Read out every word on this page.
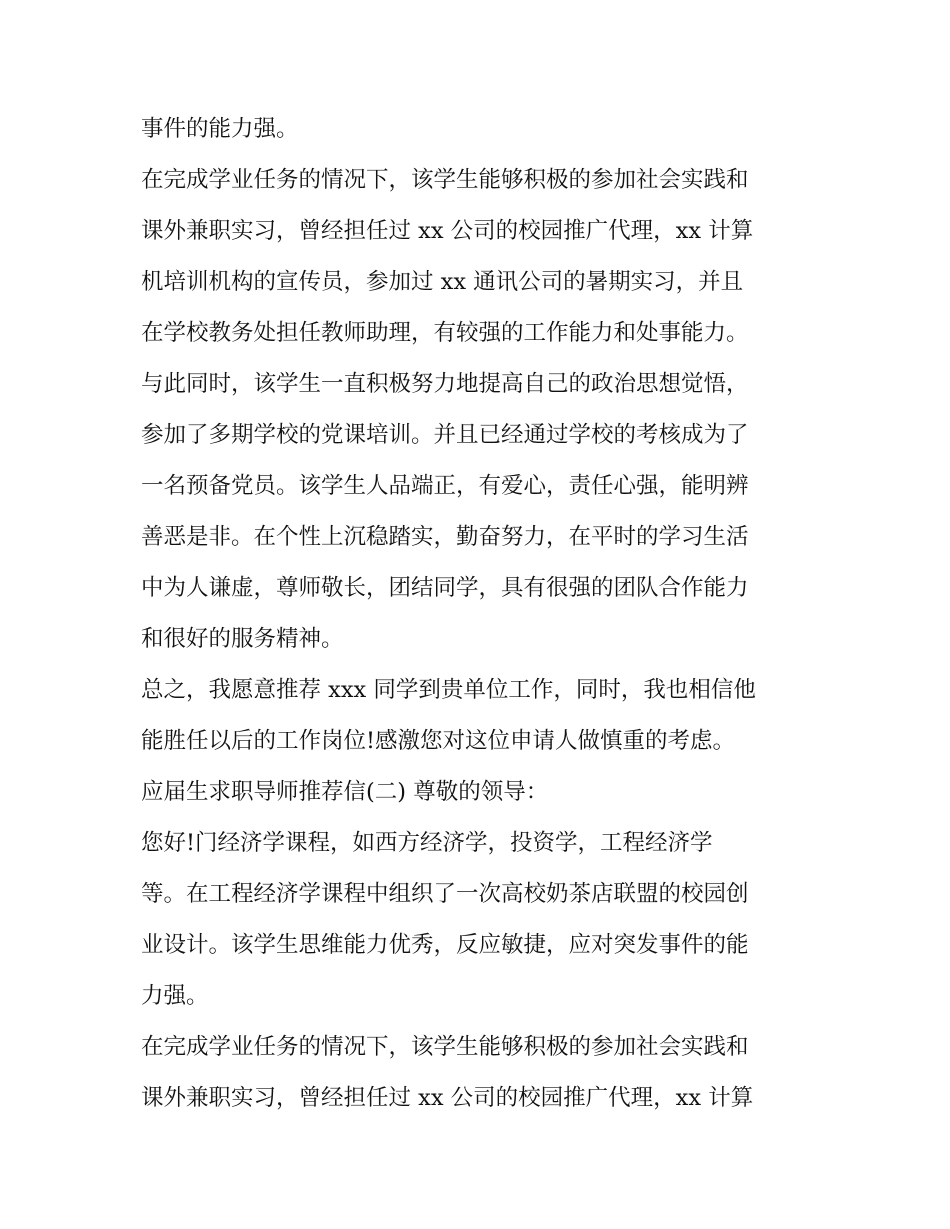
事件的能力强。
在完成学业任务的情况下，该学生能够积极的参加社会实践和
课外兼职实习，曾经担任过 xx 公司的校园推广代理，xx 计算
机培训机构的宣传员，参加过 xx 通讯公司的暑期实习，并且
在学校教务处担任教师助理，有较强的工作能力和处事能力。
与此同时，该学生一直积极努力地提高自己的政治思想觉悟，
参加了多期学校的党课培训。并且已经通过学校的考核成为了
一名预备党员。该学生人品端正，有爱心，责任心强，能明辨
善恶是非。在个性上沉稳踏实，勤奋努力，在平时的学习生活
中为人谦虚，尊师敬长，团结同学，具有很强的团队合作能力
和很好的服务精神。
总之，我愿意推荐 xxx 同学到贵单位工作，同时，我也相信他
能胜任以后的工作岗位!感激您对这位申请人做慎重的考虑。
应届生求职导师推荐信(二) 尊敬的领导：
您好!门经济学课程，如西方经济学，投资学，工程经济学
等。在工程经济学课程中组织了一次高校奶茶店联盟的校园创
业设计。该学生思维能力优秀，反应敏捷，应对突发事件的能
力强。
在完成学业任务的情况下，该学生能够积极的参加社会实践和
课外兼职实习，曾经担任过 xx 公司的校园推广代理，xx 计算
